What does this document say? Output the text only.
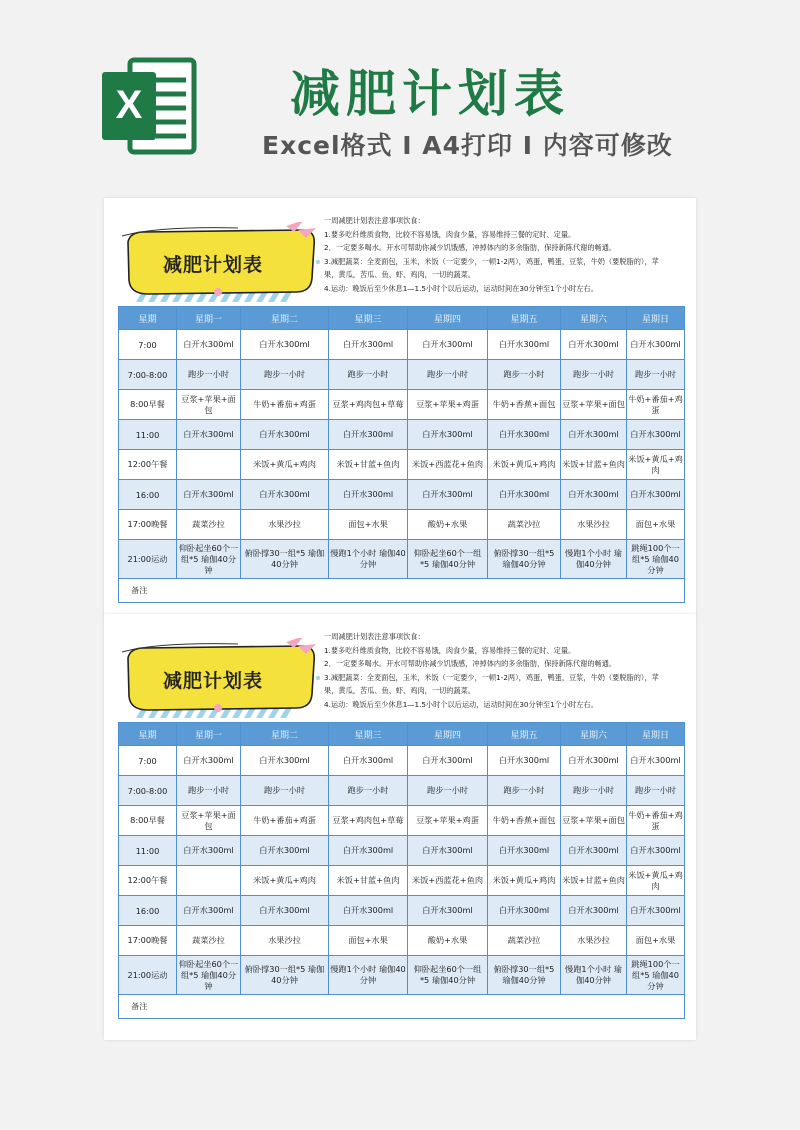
X	减肥计划表
Excel格式 I A4打印 I 内容可修改
减肥计划表
一周减肥计划表注意事项饮食：
1.要多吃纤维质食物，比较不容易饿，肉食少量，容易维持三餐的定时、定量。
2．一定要多喝水。开水可帮助你减少饥饿感，冲掉体内的多余脂肪，保持新陈代谢的畅通。
3.减肥蔬菜：全麦面包，玉米，米饭（一定要少，一顿1-2两），鸡蛋，鸭蛋，豆浆，牛奶（要脱脂的），苹
果，黄瓜，苦瓜、鱼、虾、鸡肉，一切的蔬菜。
4.运动：晚饭后至少休息1—1.5小时个以后运动，运动时间在30分钟至1个小时左右。
星期	星期一	星期二	星期三	星期四	星期五	星期六	星期日
7:00	白开水300ml	白开水300ml	白开水300ml	白开水300ml	白开水300ml	白开水300ml	白开水300ml
7:00-8:00	跑步一小时	跑步一小时	跑步一小时	跑步一小时	跑步一小时	跑步一小时	跑步一小时
8:00早餐	豆浆+苹果+面包	牛奶+番茄+鸡蛋	豆浆+鸡肉包+草莓	豆浆+苹果+鸡蛋	牛奶+香蕉+面包	豆浆+苹果+面包	牛奶+番茄+鸡蛋
11:00	白开水300ml	白开水300ml	白开水300ml	白开水300ml	白开水300ml	白开水300ml	白开水300ml
12:00午餐		米饭+黄瓜+鸡肉	米饭+甘蓝+鱼肉	米饭+西蓝花+鱼肉	米饭+黄瓜+鸡肉	米饭+甘蓝+鱼肉	米饭+黄瓜+鸡肉
16:00	白开水300ml	白开水300ml	白开水300ml	白开水300ml	白开水300ml	白开水300ml	白开水300ml
17:00晚餐	蔬菜沙拉	水果沙拉	面包+水果	酸奶+水果	蔬菜沙拉	水果沙拉	面包+水果
21:00运动	仰卧起坐60个一组*5 瑜伽40分钟	俯卧撑30一组*5 瑜伽40分钟	慢跑1个小时 瑜伽40分钟	仰卧起坐60个一组*5 瑜伽40分钟	俯卧撑30一组*5 瑜伽40分钟	慢跑1个小时 瑜伽40分钟	跳绳100个一组*5 瑜伽40分钟
备注							
减肥计划表
一周减肥计划表注意事项饮食：
1.要多吃纤维质食物，比较不容易饿，肉食少量，容易维持三餐的定时、定量。
2．一定要多喝水。开水可帮助你减少饥饿感，冲掉体内的多余脂肪，保持新陈代谢的畅通。
3.减肥蔬菜：全麦面包，玉米，米饭（一定要少，一顿1-2两），鸡蛋，鸭蛋，豆浆，牛奶（要脱脂的），苹
果，黄瓜，苦瓜、鱼、虾、鸡肉，一切的蔬菜。
4.运动：晚饭后至少休息1—1.5小时个以后运动，运动时间在30分钟至1个小时左右。
星期	星期一	星期二	星期三	星期四	星期五	星期六	星期日
7:00	白开水300ml	白开水300ml	白开水300ml	白开水300ml	白开水300ml	白开水300ml	白开水300ml
7:00-8:00	跑步一小时	跑步一小时	跑步一小时	跑步一小时	跑步一小时	跑步一小时	跑步一小时
8:00早餐	豆浆+苹果+面包	牛奶+番茄+鸡蛋	豆浆+鸡肉包+草莓	豆浆+苹果+鸡蛋	牛奶+香蕉+面包	豆浆+苹果+面包	牛奶+番茄+鸡蛋
11:00	白开水300ml	白开水300ml	白开水300ml	白开水300ml	白开水300ml	白开水300ml	白开水300ml
12:00午餐		米饭+黄瓜+鸡肉	米饭+甘蓝+鱼肉	米饭+西蓝花+鱼肉	米饭+黄瓜+鸡肉	米饭+甘蓝+鱼肉	米饭+黄瓜+鸡肉
16:00	白开水300ml	白开水300ml	白开水300ml	白开水300ml	白开水300ml	白开水300ml	白开水300ml
17:00晚餐	蔬菜沙拉	水果沙拉	面包+水果	酸奶+水果	蔬菜沙拉	水果沙拉	面包+水果
21:00运动	仰卧起坐60个一组*5 瑜伽40分钟	俯卧撑30一组*5 瑜伽40分钟	慢跑1个小时 瑜伽40分钟	仰卧起坐60个一组*5 瑜伽40分钟	俯卧撑30一组*5 瑜伽40分钟	慢跑1个小时 瑜伽40分钟	跳绳100个一组*5 瑜伽40分钟
备注							
